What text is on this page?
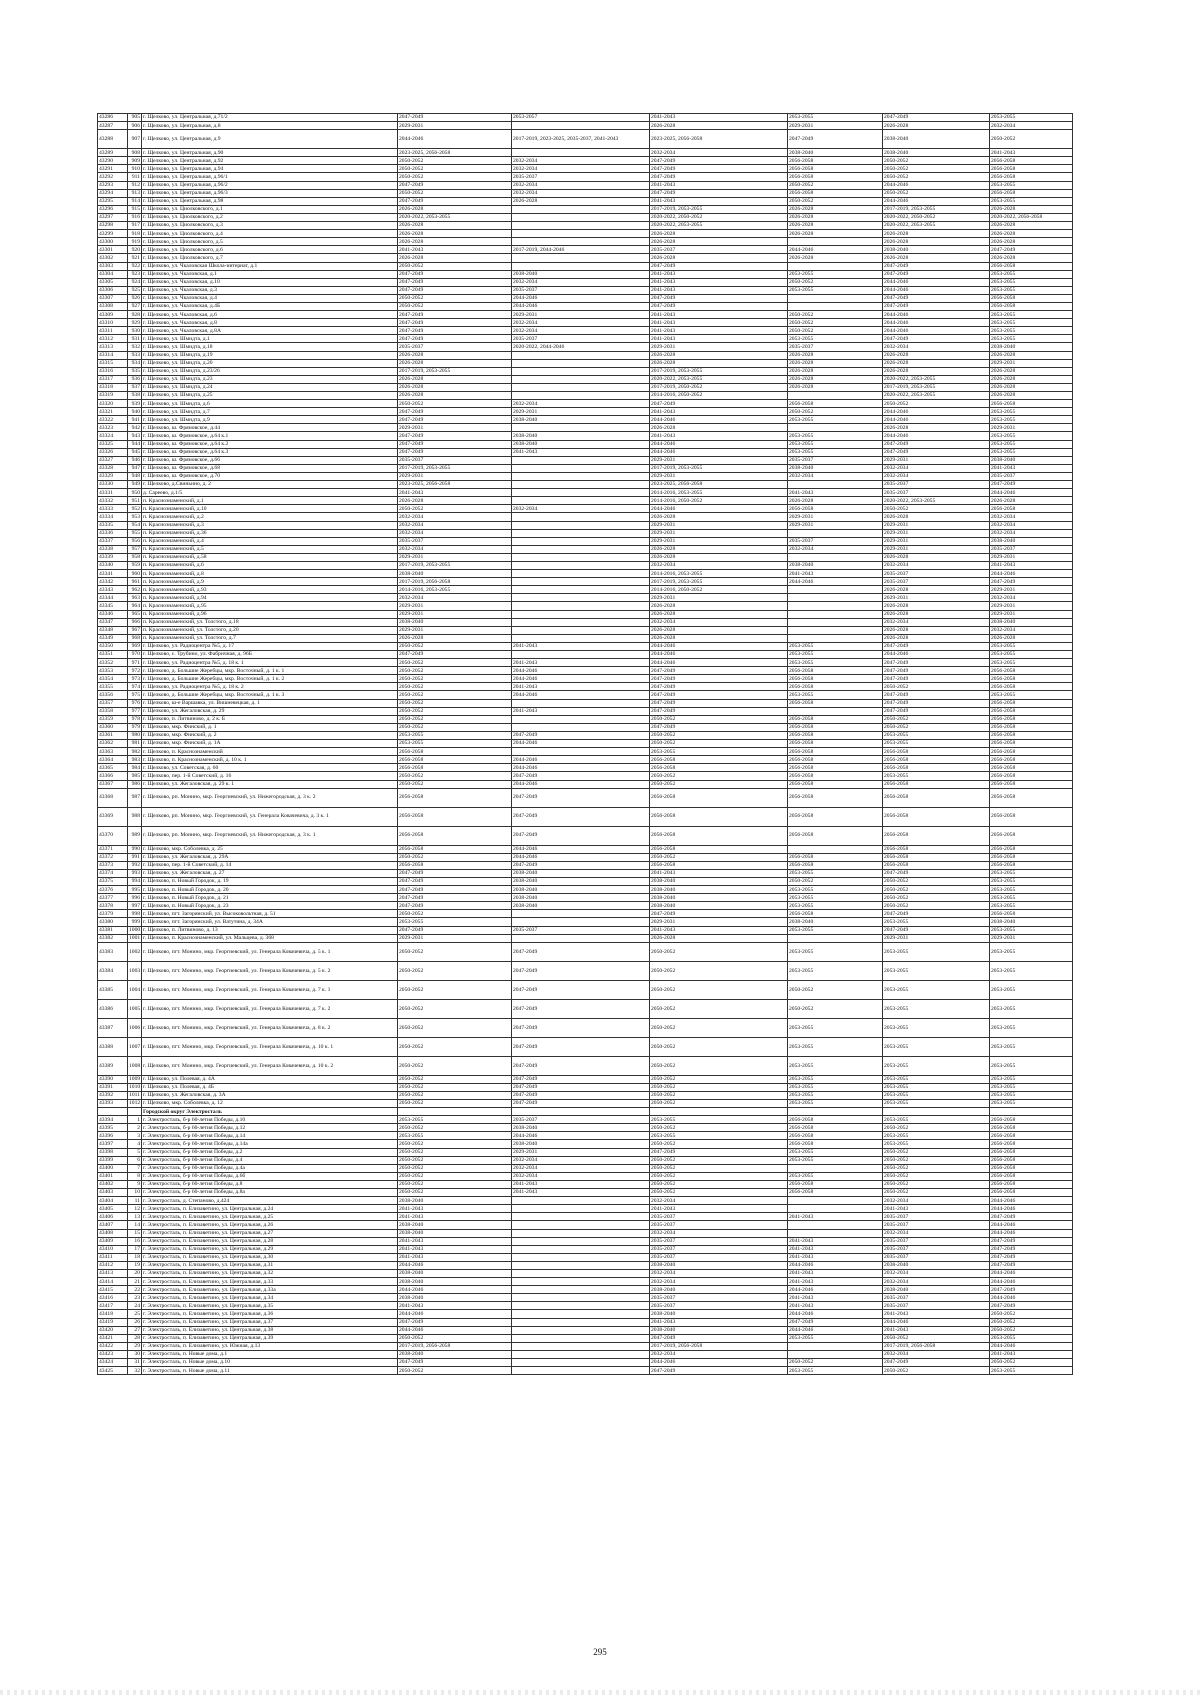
43286	905	г. Щелково, ул. Центральная, д.71/2	2047-2049	2053-2057	2041-2043	2053-2055	2047-2049	2053-2055
43287	906	г. Щелково, ул. Центральная, д.8	2029-2031		2026-2028	2029-2031	2026-2028	2032-2034
43288	907	г. Щелково, ул. Центральная, д.9	2044-2046	2017-2019, 2023-2025, 2035-2037, 2041-2043	2023-2025, 2056-2058	2047-2049	2038-2040	2050-2052
43289	908	г. Щелково, ул. Центральная, д.90	2023-2025, 2056-2058		2032-2034	2038-2040	2038-2040	2041-2043
43290	909	г. Щелково, ул. Центральная, д.92	2050-2052	2032-2034	2047-2049	2056-2058	2050-2052	2056-2058
43291	910	г. Щелково, ул. Центральная, д.94	2050-2052	2032-2034	2047-2049	2056-2058	2050-2052	2056-2058
43292	911	г. Щелково, ул. Центральная, д.96/1	2050-2052	2035-2037	2047-2049	2056-2058	2050-2052	2056-2058
43293	912	г. Щелково, ул. Центральная, д.96/2	2047-2049	2032-2034	2041-2043	2050-2052	2044-2046	2053-2055
43294	913	г. Щелково, ул. Центральная, д.96/3	2050-2052	2032-2034	2047-2049	2056-2058	2050-2052	2056-2058
43295	914	г. Щелково, ул. Центральная, д.98	2047-2049	2026-2028	2041-2043	2050-2052	2044-2046	2053-2055
43296	915	г. Щелково, ул. Циолковского, д.1	2026-2028		2017-2019, 2053-2055	2026-2028	2017-2019, 2053-2055	2026-2028
43297	916	г. Щелково, ул. Циолковского, д.2	2020-2022, 2053-2055		2020-2022, 2050-2052	2026-2028	2020-2022, 2050-2052	2020-2022, 2056-2058
43298	917	г. Щелково, ул. Циолковского, д.3	2026-2028		2020-2022, 2053-2055	2026-2028	2020-2022, 2053-2055	2026-2028
43299	918	г. Щелково, ул. Циолковского, д.4	2026-2028		2026-2028	2026-2028	2026-2028	2026-2028
43300	919	г. Щелково, ул. Циолковского, д.5	2026-2028		2026-2028		2026-2028	2026-2028
43301	920	г. Щелково, ул. Циолковского, д.6	2041-2043	2017-2019, 2044-2046	2035-2037	2044-2046	2038-2040	2047-2049
43302	921	г. Щелково, ул. Циолковского, д.7	2026-2028		2026-2028	2026-2028	2026-2028	2026-2028
43303	922	г. Щелково, ул. Чкаловская Школа-интернат, д.1	2050-2052		2047-2049		2047-2049	2056-2058
43304	923	г. Щелково, ул. Чкаловская, д.1	2047-2049	2038-2040	2041-2043	2053-2055	2047-2049	2053-2055
43305	924	г. Щелково, ул. Чкаловская, д.10	2047-2049	2032-2034	2041-2043	2050-2052	2044-2046	2053-2055
43306	925	г. Щелково, ул. Чкаловская, д.3	2047-2049	2035-2037	2041-2043	2053-2055	2044-2046	2053-2055
43307	926	г. Щелково, ул. Чкаловская, д.4	2050-2052	2044-2046	2047-2049		2047-2049	2056-2058
43308	927	г. Щелково, ул. Чкаловская, д.4Б	2050-2052	2044-2046	2047-2049		2047-2049	2056-2058
43309	928	г. Щелково, ул. Чкаловская, д.6	2047-2049	2029-2031	2041-2043	2050-2052	2044-2046	2053-2055
43310	929	г. Щелково, ул. Чкаловская, д.8	2047-2049	2032-2034	2041-2043	2050-2052	2044-2046	2053-2055
43311	930	г. Щелково, ул. Чкаловская, д.8А	2047-2049	2032-2034	2041-2043	2050-2052	2044-2046	2053-2055
43312	931	г. Щелково, ул. Шмидта, д.1	2047-2049	2035-2037	2041-2043	2053-2055	2047-2049	2053-2055
43313	932	г. Щелково, ул. Шмидта, д.18	2035-2037	2020-2022, 2044-2046	2029-2031	2035-2037	2032-2034	2038-2040
43314	933	г. Щелково, ул. Шмидта, д.19	2026-2028		2026-2028	2026-2028	2026-2028	2026-2028
43315	934	г. Щелково, ул. Шмидта, д.20	2026-2028		2026-2028	2026-2028	2026-2028	2029-2031
43316	935	г. Щелково, ул. Шмидта, д.23/26	2017-2019, 2053-2055		2017-2019, 2053-2055	2026-2028	2026-2028	2026-2028
43317	936	г. Щелково, ул. Шмидта, д.23	2026-2028		2020-2022, 2053-2055	2026-2028	2020-2022, 2053-2055	2026-2028
43318	937	г. Щелково, ул. Шмидта, д.24	2026-2028		2017-2019, 2050-2052	2026-2028	2017-2019, 2053-2055	2026-2028
43319	938	г. Щелково, ул. Шмидта, д.25	2026-2028		2014-2016, 2050-2052		2020-2022, 2053-2055	2026-2028
43320	939	г. Щелково, ул. Шмидта, д.6	2050-2052	2032-2034	2047-2049	2056-2058	2050-2052	2056-2058
43321	940	г. Щелково, ул. Шмидта, д.7	2047-2049	2029-2031	2041-2043	2050-2052	2044-2046	2053-2055
43322	941	г. Щелково, ул. Шмидта, д.9	2047-2049	2038-2040	2044-2046	2053-2055	2044-2046	2053-2055
43323	942	г. Щелково, ш. Фряновское, д.44	2029-2031		2026-2028		2026-2028	2029-2031
43324	943	г. Щелково, ш. Фряновское, д.64 к.1	2047-2049	2038-2040	2041-2043	2053-2055	2044-2046	2053-2055
43325	944	г. Щелково, ш. Фряновское, д.64 к.2	2047-2049	2038-2040	2044-2046	2053-2055	2047-2049	2053-2055
43326	945	г. Щелково, ш. Фряновское, д.64 к.3	2047-2049	2041-2043	2044-2046	2053-2055	2047-2049	2053-2055
43327	946	г. Щелково, ш. Фряновское, д.66	2035-2037		2029-2031	2035-2037	2029-2031	2038-2040
43328	947	г. Щелково, ш. Фряновское, д.68	2017-2019, 2053-2055		2017-2019, 2053-2055	2038-2040	2032-2034	2041-2043
43329	948	г. Щелково, ш. Фряновское, д.70	2029-2031		2029-2031	2032-2034	2032-2034	2035-2037
43330	949	г. Щелково, д.Свиньино, д. 2	2023-2025, 2056-2058		2023-2025, 2056-2058		2035-2037	2047-2049
43331	950	д. Сареево, д.1/5	2041-2043		2014-2016, 2053-2055	2041-2043	2035-2037	2044-2046
43332	951	п. Краснознаменский, д.1	2026-2028		2014-2016, 2050-2052	2026-2028	2020-2022, 2053-2055	2026-2028
43333	952	п. Краснознаменский, д.10	2050-2052	2032-2034	2044-2046	2056-2058	2050-2052	2056-2058
43334	953	п. Краснознаменский, д.2	2032-2034		2026-2028	2029-2031	2026-2028	2032-2034
43335	954	п. Краснознаменский, д.3	2032-2034		2029-2031	2029-2031	2029-2031	2032-2034
43336	955	п. Краснознаменский, д.36	2032-2034		2029-2031		2029-2031	2032-2034
43337	956	п. Краснознаменский, д.4	2035-2037		2029-2031	2035-2037	2029-2031	2038-2040
43338	957	п. Краснознаменский, д.5	2032-2034		2026-2028	2032-2034	2029-2031	2035-2037
43339	958	п. Краснознаменский, д.58	2029-2031		2026-2028		2026-2028	2029-2031
43340	959	п. Краснознаменский, д.6	2017-2019, 2053-2055		2032-2034	2038-2040	2032-2034	2041-2043
43341	960	п. Краснознаменский, д.8	2038-2040		2014-2016, 2053-2055	2041-2043	2035-2037	2044-2046
43342	961	п. Краснознаменский, д.9	2017-2019, 2056-2058		2017-2019, 2053-2055	2044-2046	2035-2037	2047-2049
43343	962	п. Краснознаменский, д.93	2014-2016, 2053-2055		2014-2016, 2050-2052		2026-2028	2029-2031
43344	963	п. Краснознаменский, д.94	2032-2034		2029-2031		2029-2031	2032-2034
43345	964	п. Краснознаменский, д.95	2029-2031		2026-2028		2026-2028	2029-2031
43346	965	п. Краснознаменский, д.96	2029-2031		2026-2028		2026-2028	2029-2031
43347	966	п. Краснознаменский, ул. Толстого, д.18	2038-2040		2032-2034		2032-2034	2038-2040
43348	967	п. Краснознаменский, ул. Толстого, д.20	2029-2031		2026-2028		2026-2028	2032-2034
43349	968	п. Краснознаменский, ул. Толстого, д.7	2026-2028		2026-2028		2026-2028	2026-2028
43350	969	г. Щелково, ул. Радиоцентра №5, д. 17	2050-2052	2041-2043	2044-2046	2053-2055	2047-2049	2053-2055
43351	970	г. Щелково, с. Трубино, ул. Фабричная, д. 96Б	2047-2049		2044-2046	2053-2055	2044-2046	2053-2055
43352	971	г. Щелково, ул. Радиоцентра №5, д. 18 к. 1	2050-2052	2041-2043	2044-2046	2053-2055	2047-2049	2053-2055
43353	972	г. Щелково, д. Большие Жеребцы, мкр. Восточный, д. 1 к. 1	2050-2052	2044-2046	2047-2049	2056-2058	2047-2049	2056-2058
43354	973	г. Щелково, д. Большие Жеребцы, мкр. Восточный, д. 1 к. 2	2050-2052	2044-2046	2047-2049	2056-2058	2047-2049	2056-2058
43355	974	г. Щелково, ул. Радиоцентра №5, д. 18 к. 2	2050-2052	2041-2043	2047-2049	2056-2058	2050-2052	2056-2058
43356	975	г. Щелково, д. Большие Жеребцы, мкр. Восточный, д. 1 к. 3	2050-2052	2044-2046	2047-2049	2053-2055	2047-2049	2053-2055
43357	976	г. Щелково, ш-е Варшавка, ул. Вишневецкая, д. 1	2050-2052		2047-2049	2056-2058	2047-2049	2056-2058
43358	977	г. Щелково, ул. Жегаловская, д. 29	2050-2052	2041-2043	2047-2049		2047-2049	2056-2058
43359	978	г. Щелково, п. Литвиново, д. 2 к. Б	2050-2052		2050-2052	2056-2058	2050-2052	2056-2058
43360	979	г. Щелково, мкр. Финский, д. 1	2050-2052		2047-2049	2056-2058	2050-2052	2056-2058
43361	980	г. Щелково, мкр. Финский, д. 2	2053-2055	2047-2049	2050-2052	2056-2058	2053-2055	2056-2058
43362	981	г. Щелково, мкр. Финский, д. 1А	2053-2055	2044-2046	2050-2052	2056-2058	2053-2055	2056-2058
43363	982	г. Щелково, п. Краснознаменский	2056-2058		2053-2055	2056-2058	2056-2058	2056-2058
43364	983	г. Щелково, п. Краснознаменский, д. 10 к. 1	2056-2058	2044-2046	2056-2058	2056-2058	2056-2058	2056-2058
43365	984	г. Щелково, ул. Советская, д. 60	2056-2058	2044-2046	2056-2058	2056-2058	2056-2058	2056-2058
43366	985	г. Щелково, пер. 1-й Советский, д. 16	2050-2052	2047-2049	2050-2052	2056-2058	2053-2055	2056-2058
43367	986	г. Щелково, ул. Жегаловская, д. 29 к. 1	2050-2052	2044-2046	2050-2052	2056-2058	2056-2058	2056-2058
43368	987	г. Щелково, рп. Монино, мкр. Георгиевский, ул. Нижегородская, д. 3 к. 2	2056-2058	2047-2049	2056-2058	2056-2058	2056-2058	2056-2058
43369	988	г. Щелково, рп. Монино, мкр. Георгиевский, ул. Генерала Ковачевича, д. 3 к. 1	2056-2058	2047-2049	2056-2058	2056-2058	2056-2058	2056-2058
43370	989	г. Щелково, рп. Монино, мкр. Георгиевский, ул. Нижегородская, д. 3 к. 1	2056-2058	2047-2049	2056-2058	2056-2058	2056-2058	2056-2058
43371	990	г. Щелково, мкр. Соболевка, д. 25	2056-2058	2044-2046	2056-2058		2056-2058	2056-2058
43372	991	г. Щелково, ул. Жегаловская, д. 29А	2050-2052	2044-2046	2050-2052	2056-2058	2056-2058	2056-2058
43373	992	г. Щелково, пер. 1-й Советский, д. 14	2056-2058	2047-2049	2056-2058	2056-2058	2056-2058	2056-2058
43374	993	г. Щелково, ул. Жегаловская, д. 27	2047-2049	2038-2040	2041-2043	2053-2055	2047-2049	2053-2055
43375	994	г. Щелково, п. Новый Городок, д. 19	2047-2049	2038-2040	2038-2040	2050-2052	2050-2052	2053-2055
43376	995	г. Щелково, п. Новый Городок, д. 20	2047-2049	2038-2040	2038-2040	2053-2055	2050-2052	2053-2055
43377	996	г. Щелково, п. Новый Городок, д. 21	2047-2049	2038-2040	2038-2040	2053-2055	2050-2052	2053-2055
43378	997	г. Щелково, п. Новый Городок, д. 23	2047-2049	2038-2040	2038-2040	2053-2055	2050-2052	2053-2055
43379	998	г. Щелково, пгт. Загорянский, ул. Высоковольтная, д. 51	2050-2052		2047-2049	2056-2058	2047-2049	2056-2058
43380	999	г. Щелково, пгт. Загорянский, ул. Ватутина, д. 34А	2053-2055		2029-2031	2038-2040	2053-2055	2038-2040
43381	1000	г. Щелково, п. Литвиново, д. 13	2047-2049	2035-2037	2041-2043	2053-2055	2047-2049	2053-2055
43382	1001	г. Щелково, п. Краснознаменский, ул. Мальцева, д. 368	2029-2031		2026-2028		2029-2031	2029-2031
43383	1002	г. Щелково, пгт. Монино, мкр. Георгиевский, ул. Генерала Ковачевича, д. 5 к. 1	2050-2052	2047-2049	2050-2052	2053-2055	2053-2055	2053-2055
43384	1003	г. Щелково, пгт. Монино, мкр. Георгиевский, ул. Генерала Ковачевича, д. 5 к. 2	2050-2052	2047-2049	2050-2052	2053-2055	2053-2055	2053-2055
43385	1004	г. Щелково, пгт. Монино, мкр. Георгиевский, ул. Генерала Ковачевича, д. 7 к. 1	2050-2052	2047-2049	2050-2052	2050-2052	2053-2055	2053-2055
43386	1005	г. Щелково, пгт. Монино, мкр. Георгиевский, ул. Генерала Ковачевича, д. 7 к. 2	2050-2052	2047-2049	2050-2052	2050-2052	2053-2055	2053-2055
43387	1006	г. Щелково, пгт. Монино, мкр. Георгиевский, ул. Генерала Ковачевича, д. 8 к. 2	2050-2052	2047-2049	2050-2052	2053-2055	2053-2055	2053-2055
43388	1007	г. Щелково, пгт. Монино, мкр. Георгиевский, ул. Генерала Ковачевича, д. 10 к. 1	2050-2052	2047-2049	2050-2052	2053-2055	2053-2055	2053-2055
43389	1008	г. Щелково, пгт. Монино, мкр. Георгиевский, ул. Генерала Ковачевича, д. 10 к. 2	2050-2052	2047-2049	2050-2052	2053-2055	2053-2055	2053-2055
43390	1009	г. Щелково, ул. Полевая, д. 4А	2050-2052	2047-2049	2050-2052	2053-2055	2053-2055	2053-2055
43391	1010	г. Щелково, ул. Полевая, д. 4Б	2050-2052	2047-2049	2050-2052	2053-2055	2053-2055	2053-2055
43392	1011	г. Щелково, ул. Жегаловская, д. 3А	2050-2052	2047-2049	2050-2052	2053-2055	2053-2055	2053-2055
43393	1012	г. Щелково, мкр. Соболевка, д. 12	2050-2052	2047-2049	2050-2052	2053-2055	2053-2055	2053-2055
		Городской округ Электросталь						
43394	1	г. Электросталь, б-р 60-летия Победы, д.10	2053-2055	2035-2037	2053-2055	2056-2058	2053-2055	2056-2058
43395	2	г. Электросталь, б-р 60-летия Победы, д.12	2050-2052	2038-2040	2050-2052	2056-2058	2050-2052	2056-2058
43396	3	г. Электросталь, б-р 60-летия Победы, д.14	2053-2055	2044-2046	2053-2055	2056-2058	2053-2055	2056-2058
43397	4	г. Электросталь, б-р 60-летия Победы, д.14а	2050-2052	2038-2040	2050-2052	2056-2058	2053-2055	2056-2058
43398	5	г. Электросталь, б-р 60-летия Победы, д.2	2050-2052	2029-2031	2047-2049	2053-2055	2050-2052	2056-2058
43399	6	г. Электросталь, б-р 60-летия Победы, д.4	2050-2052	2032-2034	2050-2052	2053-2055	2050-2052	2056-2058
43400	7	г. Электросталь, б-р 60-летия Победы, д.4а	2050-2052	2032-2034	2050-2052		2050-2052	2056-2058
43401	8	г. Электросталь, б-р 60-летия Победы, д.6б	2050-2052	2032-2034	2050-2052	2053-2055	2050-2052	2056-2058
43402	9	г. Электросталь, б-р 60-летия Победы, д.8	2050-2052	2041-2043	2050-2052	2056-2058	2050-2052	2056-2058
43403	10	г. Электросталь, б-р 60-летия Победы, д.8а	2050-2052	2041-2043	2050-2052	2056-2058	2050-2052	2056-2058
43404	11	г. Электросталь, д. Степаново, д.424	2038-2040		2032-2034		2032-2034	2044-2046
43405	12	г. Электросталь, п. Елизаветино, ул. Центральная, д.24	2041-2043		2041-2043		2041-2043	2044-2046
43406	13	г. Электросталь, п. Елизаветино, ул. Центральная, д.25	2041-2043		2035-2037	2041-2043	2035-2037	2047-2049
43407	14	г. Электросталь, п. Елизаветино, ул. Центральная, д.26	2038-2040		2035-2037		2035-2037	2044-2046
43408	15	г. Электросталь, п. Елизаветино, ул. Центральная, д.27	2038-2040		2032-2034		2032-2034	2044-2046
43409	16	г. Электросталь, п. Елизаветино, ул. Центральная, д.28	2041-2043		2035-2037	2041-2043	2035-2037	2047-2049
43410	17	г. Электросталь, п. Елизаветино, ул. Центральная, д.29	2041-2043		2035-2037	2041-2043	2035-2037	2047-2049
43411	18	г. Электросталь, п. Елизаветино, ул. Центральная, д.30	2041-2043		2035-2037	2041-2043	2035-2037	2047-2049
43412	19	г. Электросталь, п. Елизаветино, ул. Центральная, д.31	2044-2046		2038-2040	2044-2046	2038-2040	2047-2049
43413	20	г. Электросталь, п. Елизаветино, ул. Центральная, д.32	2038-2040		2032-2034	2041-2043	2032-2034	2044-2046
43414	21	г. Электросталь, п. Елизаветино, ул. Центральная, д.33	2038-2040		2032-2034	2041-2043	2032-2034	2044-2046
43415	22	г. Электросталь, п. Елизаветино, ул. Центральная, д.33а	2044-2046		2038-2040	2044-2046	2038-2040	2047-2049
43416	23	г. Электросталь, п. Елизаветино, ул. Центральная, д.34	2038-2040		2035-2037	2041-2043	2035-2037	2044-2046
43417	24	г. Электросталь, п. Елизаветино, ул. Центральная, д.35	2041-2043		2035-2037	2041-2043	2035-2037	2047-2049
43418	25	г. Электросталь, п. Елизаветино, ул. Центральная, д.36	2044-2046		2038-2040	2044-2046	2041-2043	2050-2052
43419	26	г. Электросталь, п. Елизаветино, ул. Центральная, д.37	2047-2049		2041-2043	2047-2049	2044-2046	2050-2052
43420	27	г. Электросталь, п. Елизаветино, ул. Центральная, д.38	2044-2046		2038-2040	2044-2046	2041-2043	2050-2052
43421	28	г. Электросталь, п. Елизаветино, ул. Центральная, д.39	2050-2052		2047-2049	2053-2055	2050-2052	2053-2055
43422	29	г. Электросталь, п. Елизаветино, ул. Южная, д.13	2017-2019, 2056-2058		2017-2019, 2056-2058		2017-2019, 2056-2058	2044-2046
43423	30	г. Электросталь, п. Новые дома, д.1	2038-2040		2032-2034		2032-2034	2041-2043
43424	31	г. Электросталь, п. Новые дома, д.10	2047-2049		2044-2046	2050-2052	2047-2049	2050-2052
43425	32	г. Электросталь, п. Новые дома, д.11	2050-2052		2047-2049	2053-2055	2050-2052	2053-2055
295
